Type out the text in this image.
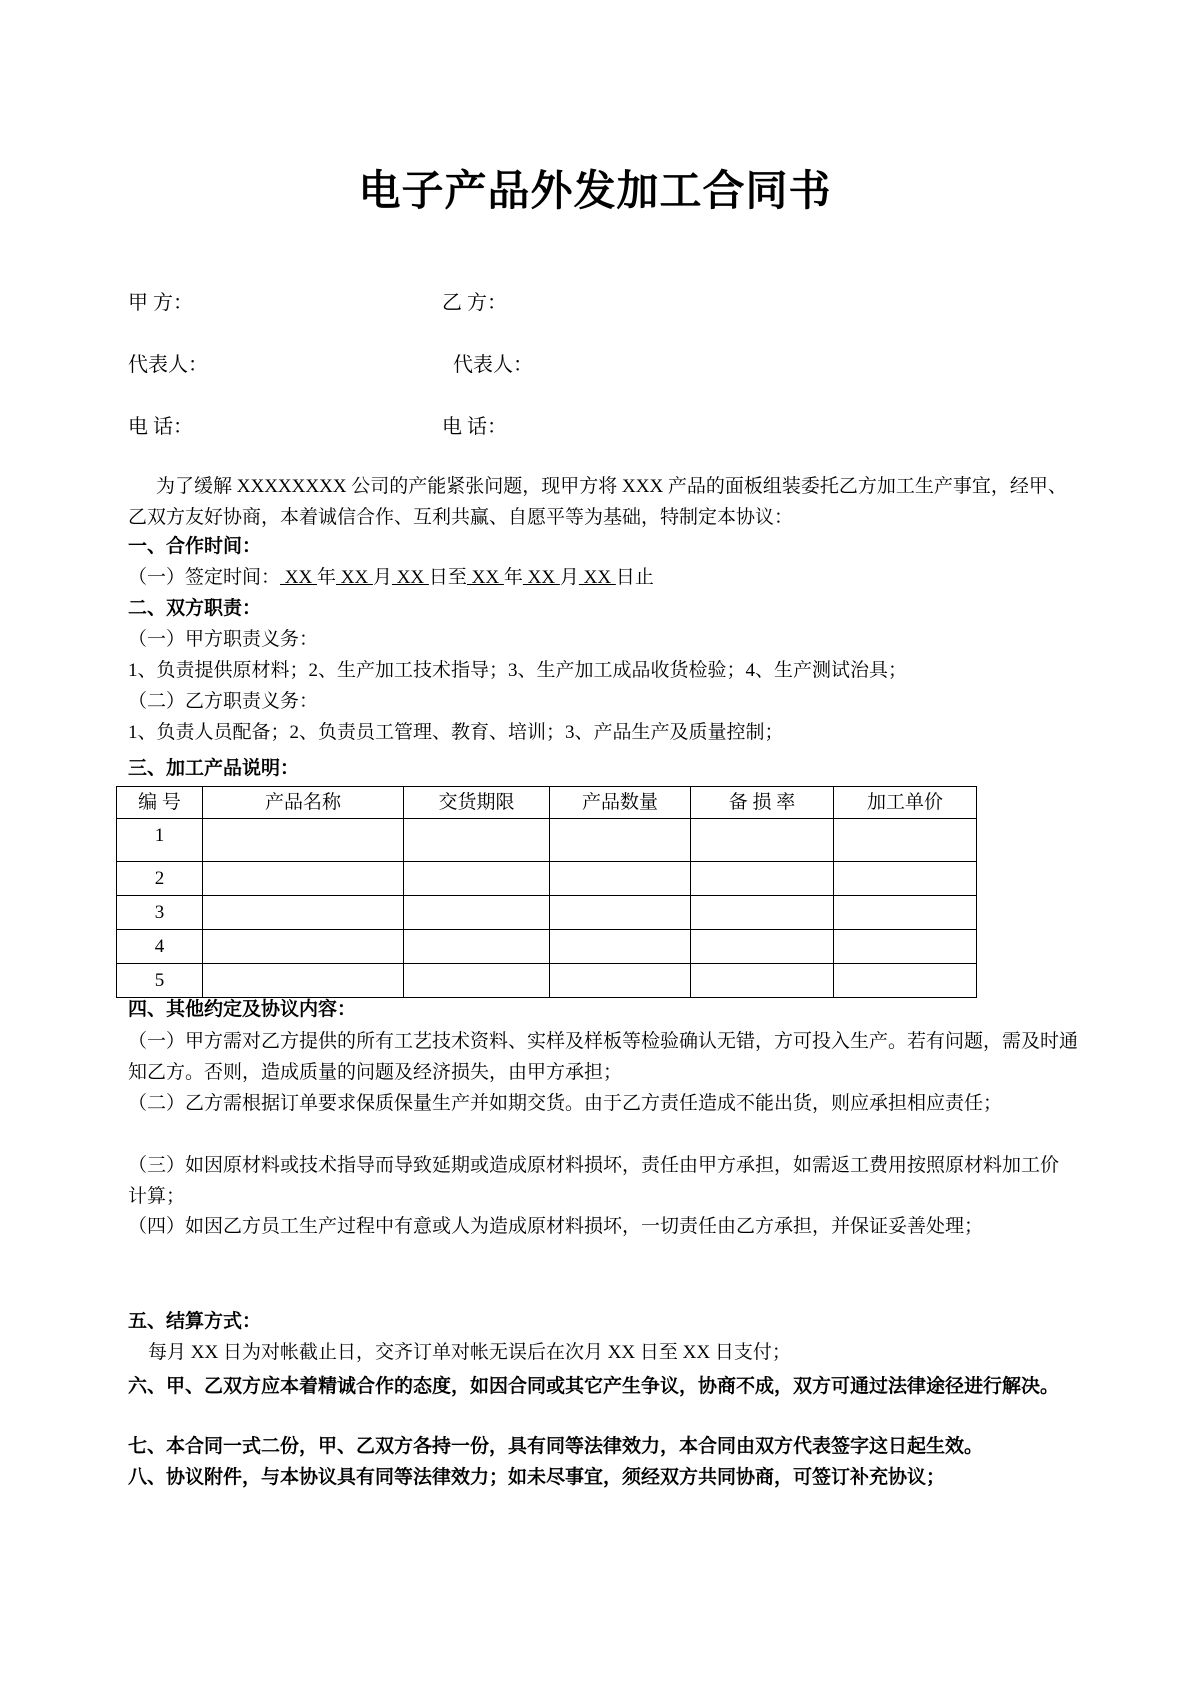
电子产品外发加工合同书
甲 方：	乙 方：
代表人：	代表人：
电 话：	电 话：
为了缓解 XXXXXXXX 公司的产能紧张问题，现甲方将 XXX 产品的面板组装委托乙方加工生产事宜，经甲、乙双方友好协商，本着诚信合作、互利共赢、自愿平等为基础，特制定本协议：
一、合作时间：
（一）签定时间： XX 年 XX 月 XX 日至 XX 年 XX 月 XX 日止
二、双方职责：
（一）甲方职责义务：
1、负责提供原材料；2、生产加工技术指导；3、生产加工成品收货检验；4、生产测试治具；
（二）乙方职责义务：
1、负责人员配备；2、负责员工管理、教育、培训；3、产品生产及质量控制；
三、加工产品说明：
编 号	产品名称	交货期限	产品数量	备 损 率	加工单价
1					
2					
3					
4					
5					
四、其他约定及协议内容：
（一）甲方需对乙方提供的所有工艺技术资料、实样及样板等检验确认无错，方可投入生产。若有问题，需及时通知乙方。否则，造成质量的问题及经济损失，由甲方承担；
（二）乙方需根据订单要求保质保量生产并如期交货。由于乙方责任造成不能出货，则应承担相应责任；
（三）如因原材料或技术指导而导致延期或造成原材料损坏，责任由甲方承担，如需返工费用按照原材料加工价计算；
（四）如因乙方员工生产过程中有意或人为造成原材料损坏，一切责任由乙方承担，并保证妥善处理；
五、结算方式：
每月 XX 日为对帐截止日，交齐订单对帐无误后在次月 XX 日至 XX 日支付；
六、甲、乙双方应本着精诚合作的态度，如因合同或其它产生争议，协商不成，双方可通过法律途径进行解决。
七、本合同一式二份，甲、乙双方各持一份，具有同等法律效力，本合同由双方代表签字这日起生效。
八、协议附件，与本协议具有同等法律效力；如未尽事宜，须经双方共同协商，可签订补充协议；
